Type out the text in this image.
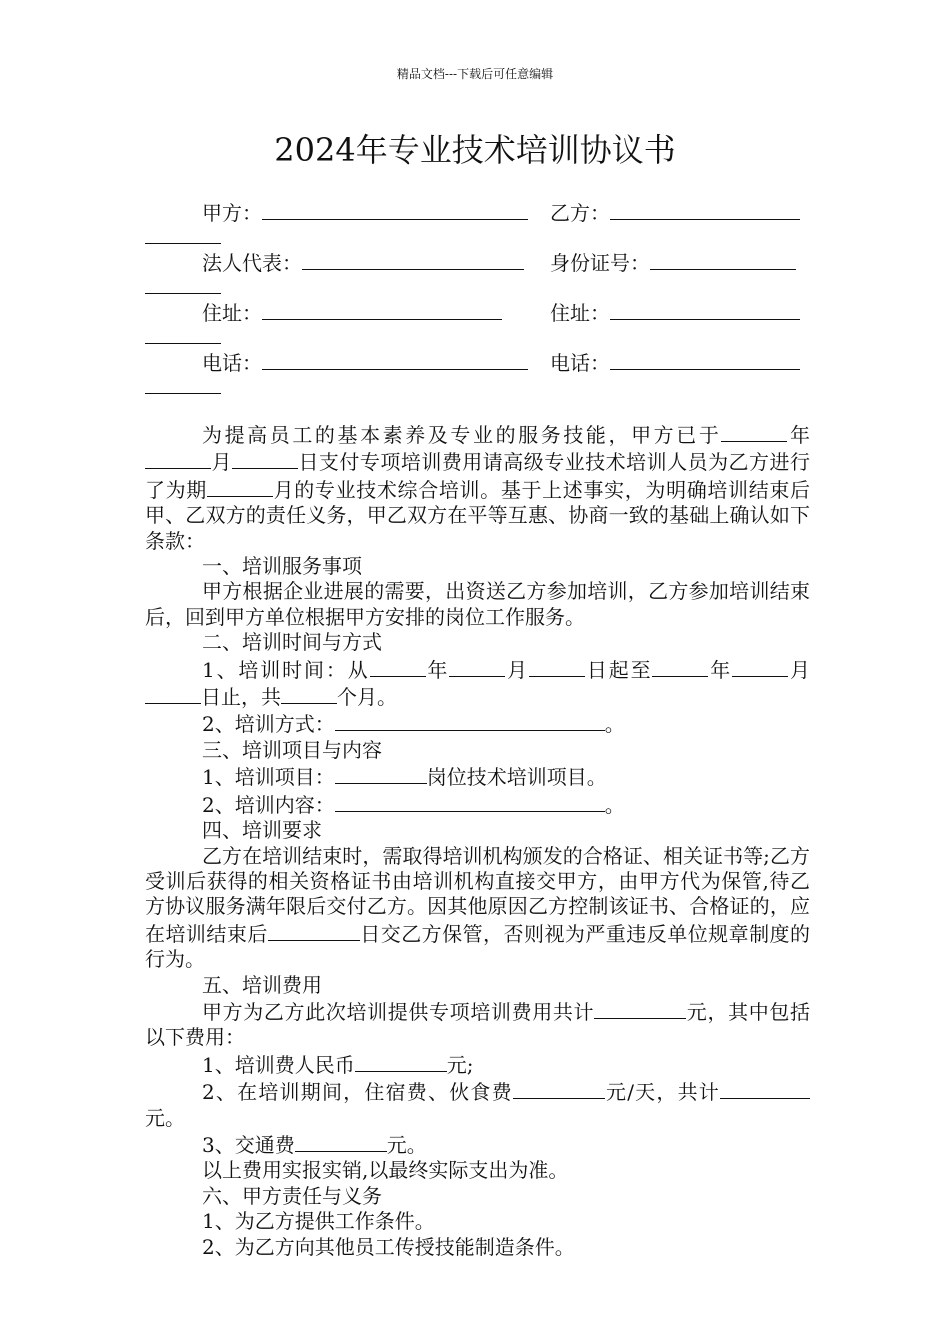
精品文档---下载后可任意编辑
2024年专业技术培训协议书
甲方：	乙方：
法人代表：	身份证号：
住址：	住址：
电话：	电话：

为提高员工的基本素养及专业的服务技能，甲方已于	年月	日支付专项培训费用请高级专业技术培训人员为乙方进行了为期	月的专业技术综合培训。基于上述事实，为明确培训结束后甲、乙双方的责任义务，甲乙双方在平等互惠、协商一致的基础上确认如下条款：

一、培训服务事项

甲方根据企业进展的需要，出资送乙方参加培训，乙方参加培训结束后，回到甲方单位根据甲方安排的岗位工作服务。

二、培训时间与方式

1、培训时间：从	年	月	日起至	年	月日止，共	个月。

2、培训方式：	。

三、培训项目与内容

1、培训项目：	岗位技术培训项目。

2、培训内容：	。

四、培训要求

乙方在培训结束时，需取得培训机构颁发的合格证、相关证书等;乙方受训后获得的相关资格证书由培训机构直接交甲方，由甲方代为保管,待乙方协议服务满年限后交付乙方。因其他原因乙方控制该证书、合格证的，应在培训结束后	日交乙方保管，否则视为严重违反单位规章制度的行为。

五、培训费用

甲方为乙方此次培训提供专项培训费用共计	元，其中包括以下费用：

1、培训费人民币	元;

2、在培训期间，住宿费、伙食费	元/天，共计元。

3、交通费	元。

以上费用实报实销,以最终实际支出为准。

六、甲方责任与义务

1、为乙方提供工作条件。

2、为乙方向其他员工传授技能制造条件。
